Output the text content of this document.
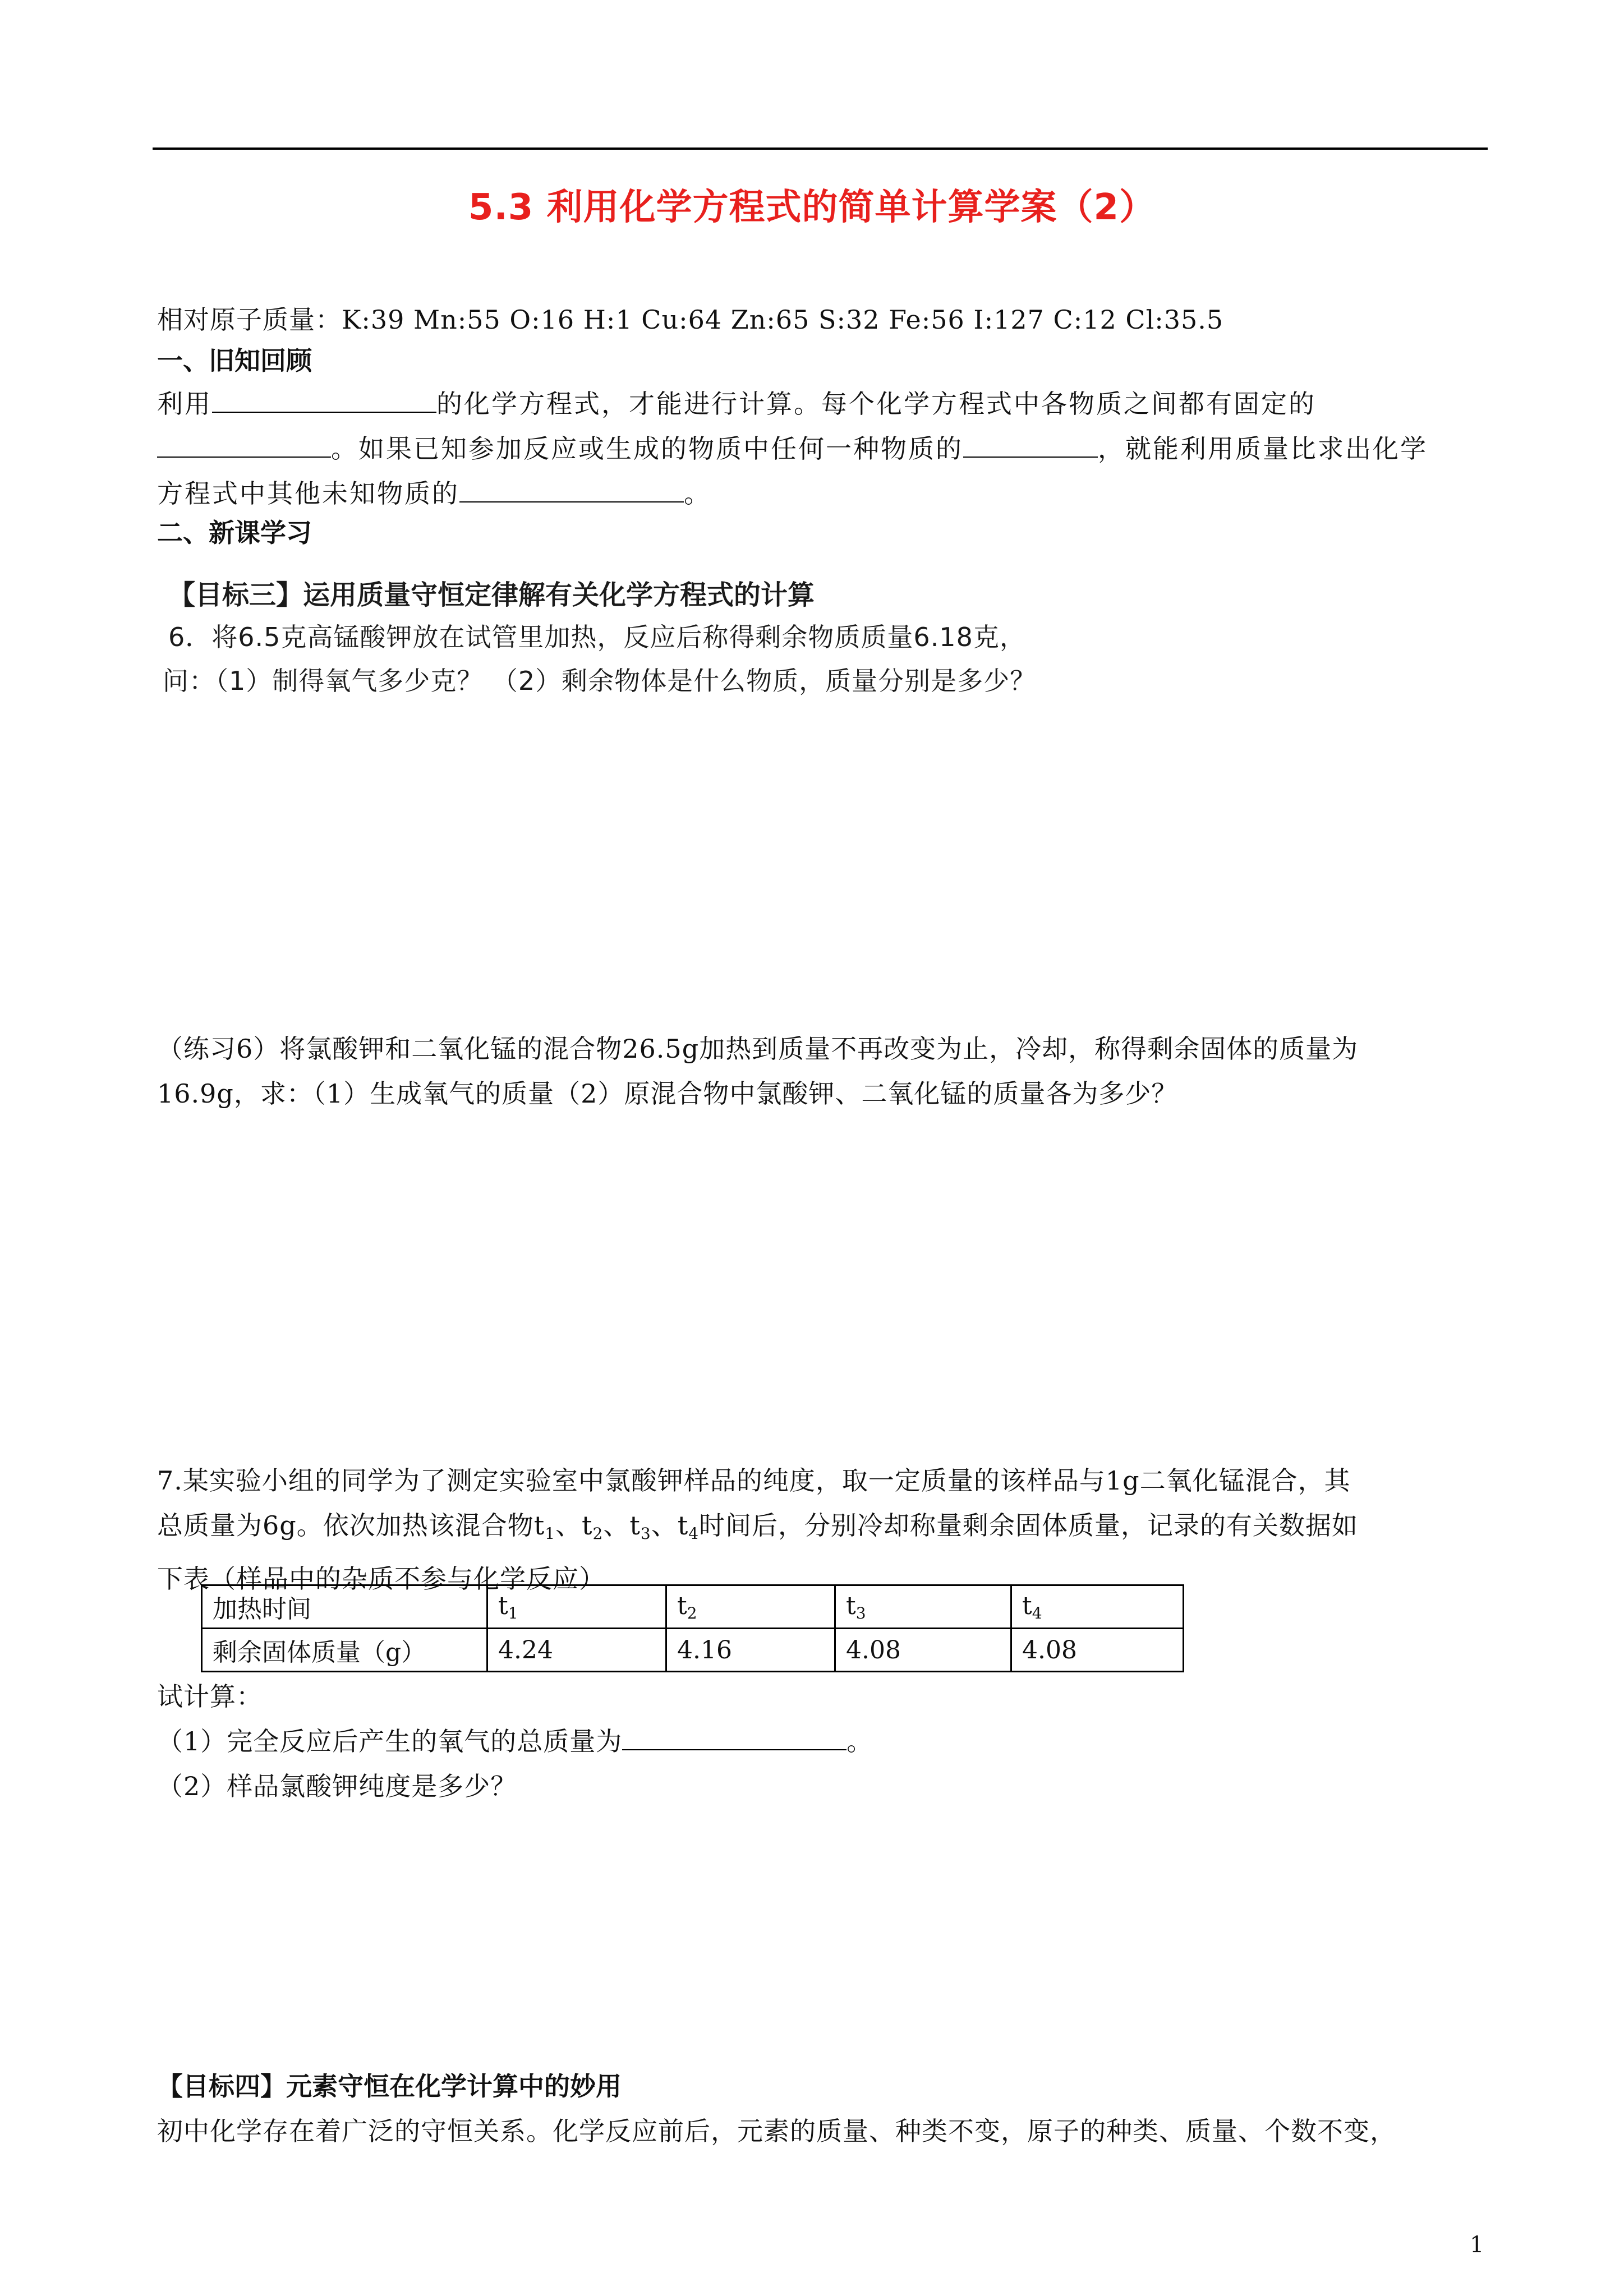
5.3 利用化学方程式的简单计算学案（2）
相对原子质量：K:39 Mn:55 O:16 H:1 Cu:64 Zn:65 S:32 Fe:56 I:127 C:12 Cl:35.5
一、旧知回顾
利用	的化学方程式，才能进行计算。每个化学方程式中各物质之间都有固定的
。如果已知参加反应或生成的物质中任何一种物质的	，就能利用质量比求出化学
方程式中其他未知物质的	。
二、新课学习
【目标三】运用质量守恒定律解有关化学方程式的计算
6．将6.5克高锰酸钾放在试管里加热，反应后称得剩余物质质量6.18克，
问：（1）制得氧气多少克？ （2）剩余物体是什么物质，质量分别是多少？
（练习6）将氯酸钾和二氧化锰的混合物26.5g加热到质量不再改变为止，冷却，称得剩余固体的质量为
16.9g，求：（1）生成氧气的质量（2）原混合物中氯酸钾、二氧化锰的质量各为多少？
7.某实验小组的同学为了测定实验室中氯酸钾样品的纯度，取一定质量的该样品与1g二氧化锰混合，其
总质量为6g。依次加热该混合物$t_1$、$t_2$、$t_3$、$t_4$时间后，分别冷却称量剩余固体质量，记录的有关数据如
下表（样品中的杂质不参与化学反应）
加热时间	$t_1$	$t_2$	$t_3$	$t_4$
剩余固体质量（g）	4.24	4.16	4.08	4.08
试计算：
（1）完全反应后产生的氧气的总质量为	。
（2）样品氯酸钾纯度是多少？
【目标四】元素守恒在化学计算中的妙用
初中化学存在着广泛的守恒关系。化学反应前后，元素的质量、种类不变，原子的种类、质量、个数不变，
1
